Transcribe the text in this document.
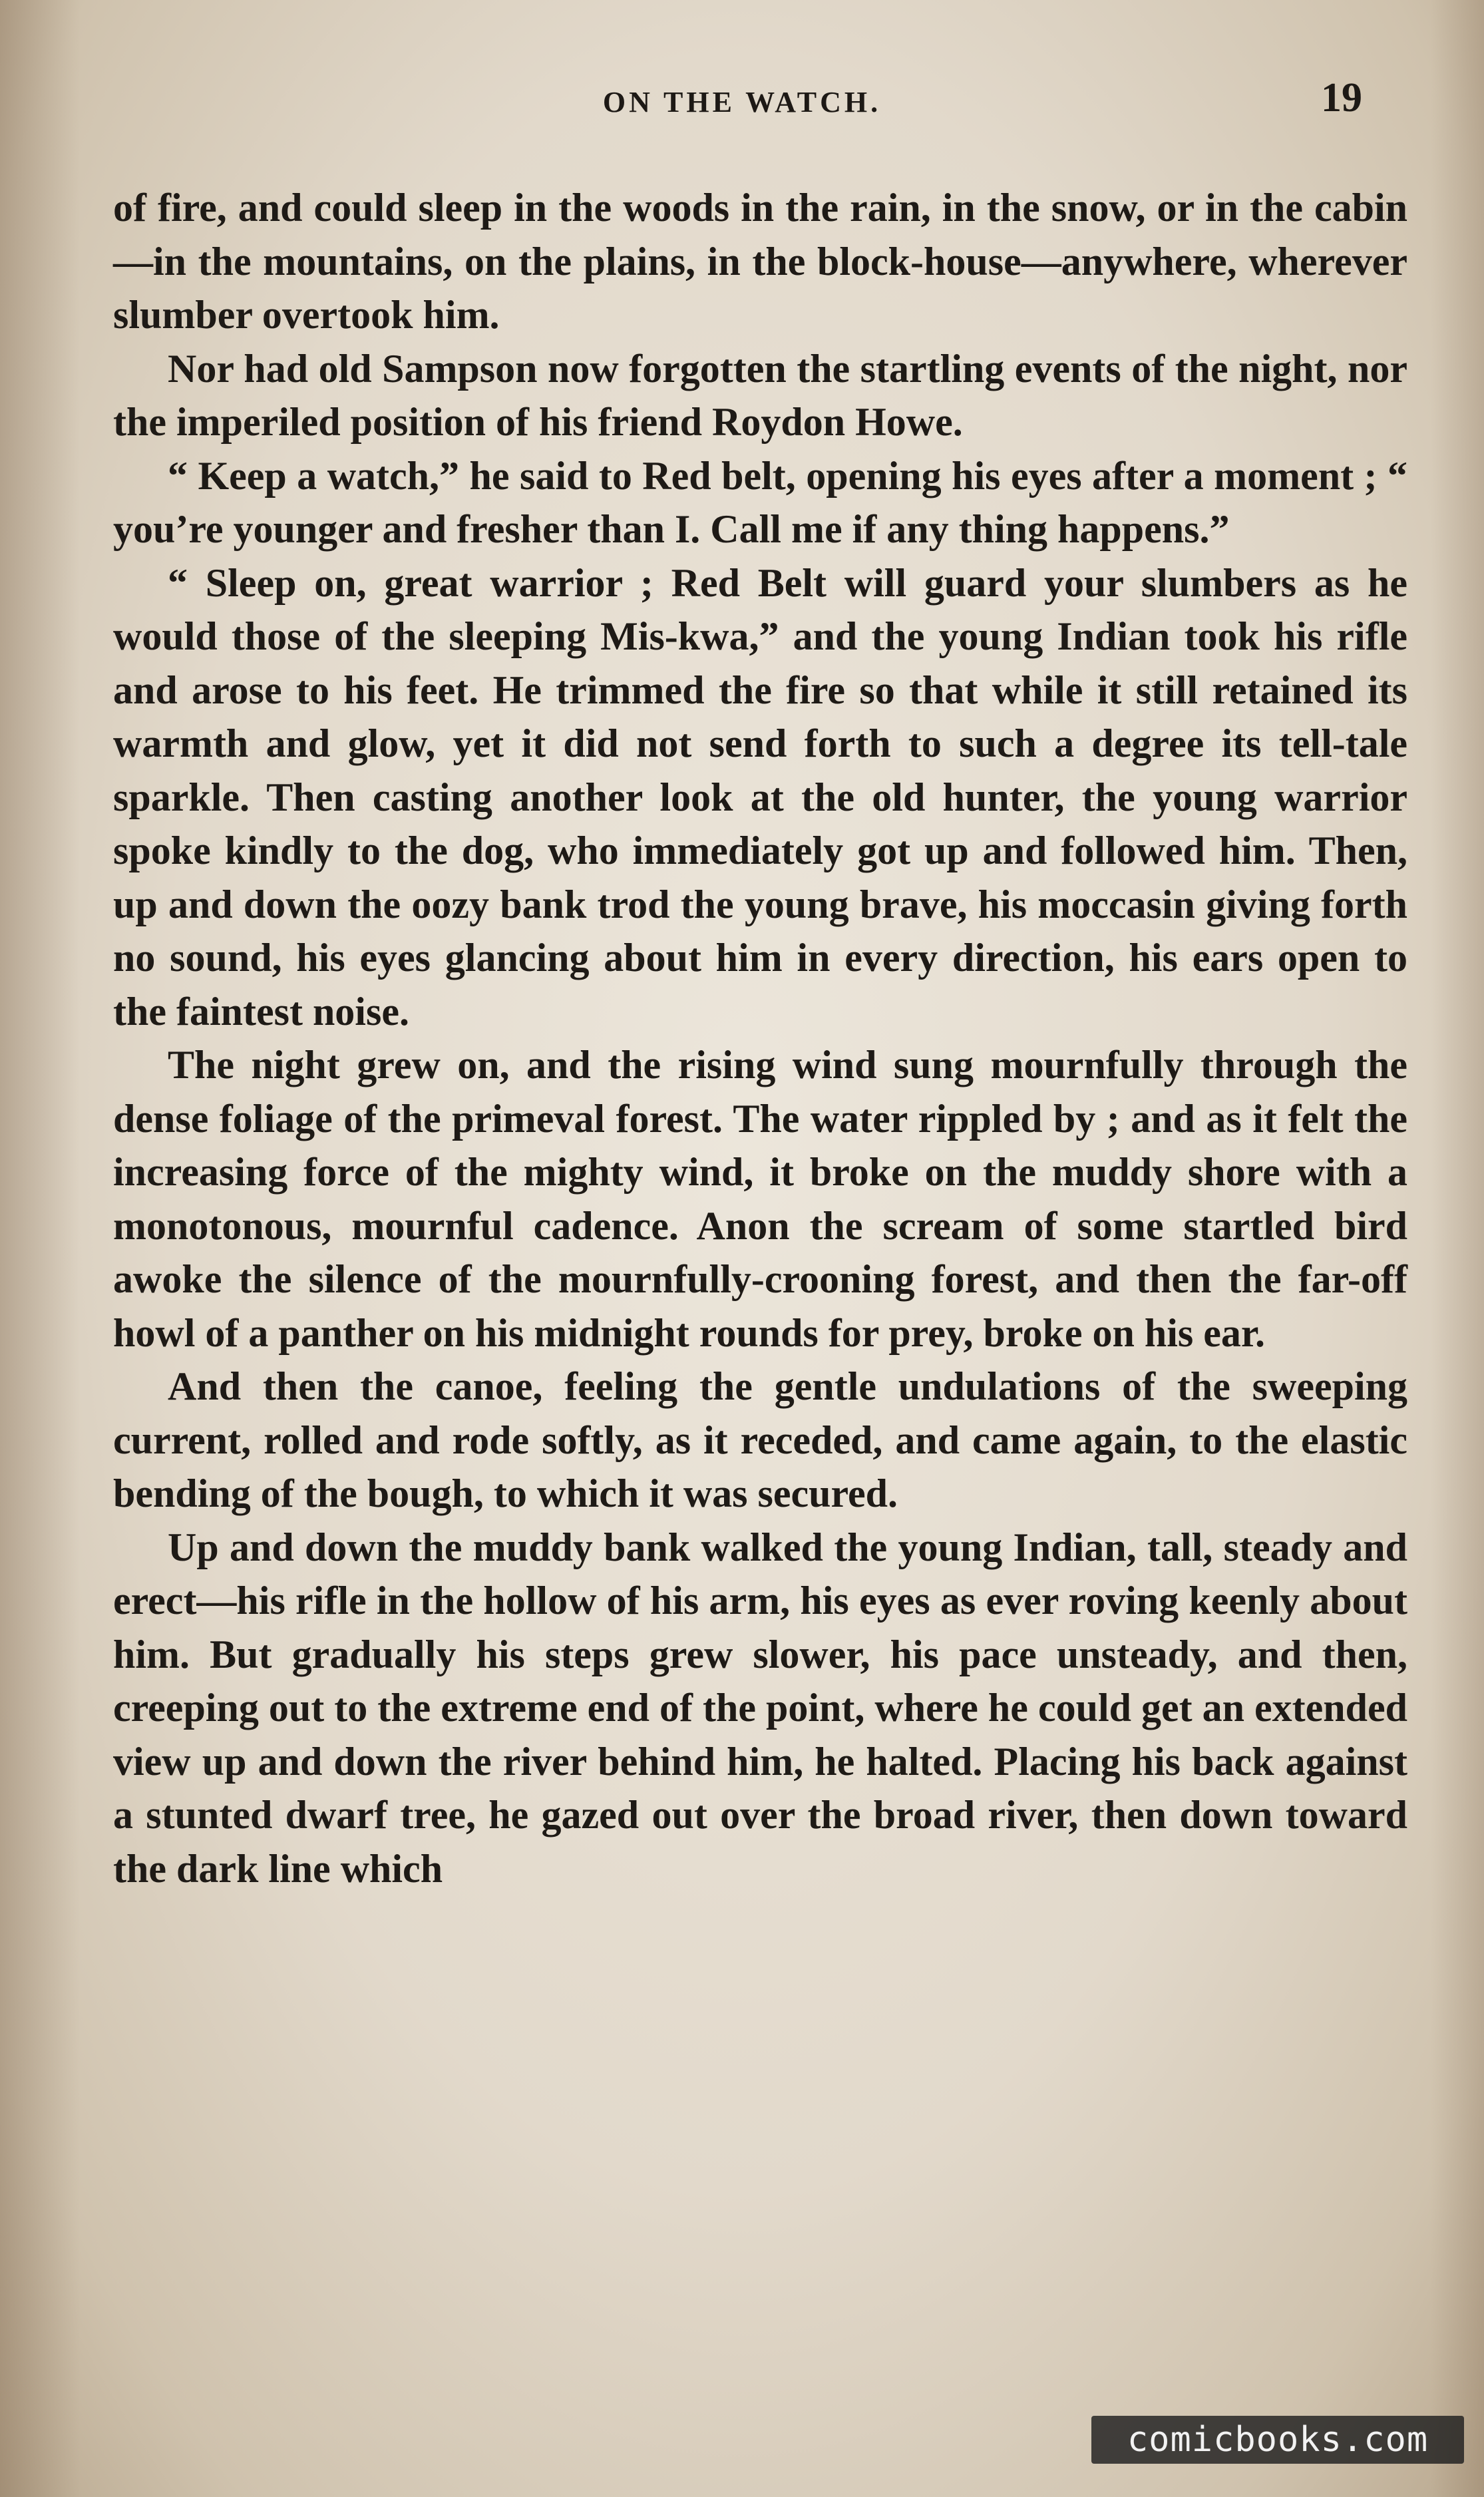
ON THE WATCH.	19

of fire, and could sleep in the woods in the rain, in the snow, or in the cabin—in the mountains, on the plains, in the block-house—anywhere, wherever slumber overtook him.

Nor had old Sampson now forgotten the startling events of the night, nor the imperiled position of his friend Roydon Howe.

“ Keep a watch,” he said to Red belt, opening his eyes after a moment ; “ you’re younger and fresher than I. Call me if any thing happens.”

“ Sleep on, great warrior ; Red Belt will guard your slumbers as he would those of the sleeping Mis-kwa,” and the young Indian took his rifle and arose to his feet. He trimmed the fire so that while it still retained its warmth and glow, yet it did not send forth to such a degree its tell-tale sparkle. Then casting another look at the old hunter, the young warrior spoke kindly to the dog, who immediately got up and followed him. Then, up and down the oozy bank trod the young brave, his moccasin giving forth no sound, his eyes glancing about him in every direction, his ears open to the faintest noise.

The night grew on, and the rising wind sung mournfully through the dense foliage of the primeval forest. The water rippled by ; and as it felt the increasing force of the mighty wind, it broke on the muddy shore with a monotonous, mournful cadence. Anon the scream of some startled bird awoke the silence of the mournfully-crooning forest, and then the far-off howl of a panther on his midnight rounds for prey, broke on his ear.

And then the canoe, feeling the gentle undulations of the sweeping current, rolled and rode softly, as it receded, and came again, to the elastic bending of the bough, to which it was secured.

Up and down the muddy bank walked the young Indian, tall, steady and erect—his rifle in the hollow of his arm, his eyes as ever roving keenly about him. But gradually his steps grew slower, his pace unsteady, and then, creeping out to the extreme end of the point, where he could get an extended view up and down the river behind him, he halted. Placing his back against a stunted dwarf tree, he gazed out over the broad river, then down toward the dark line which

comicbooks.com
